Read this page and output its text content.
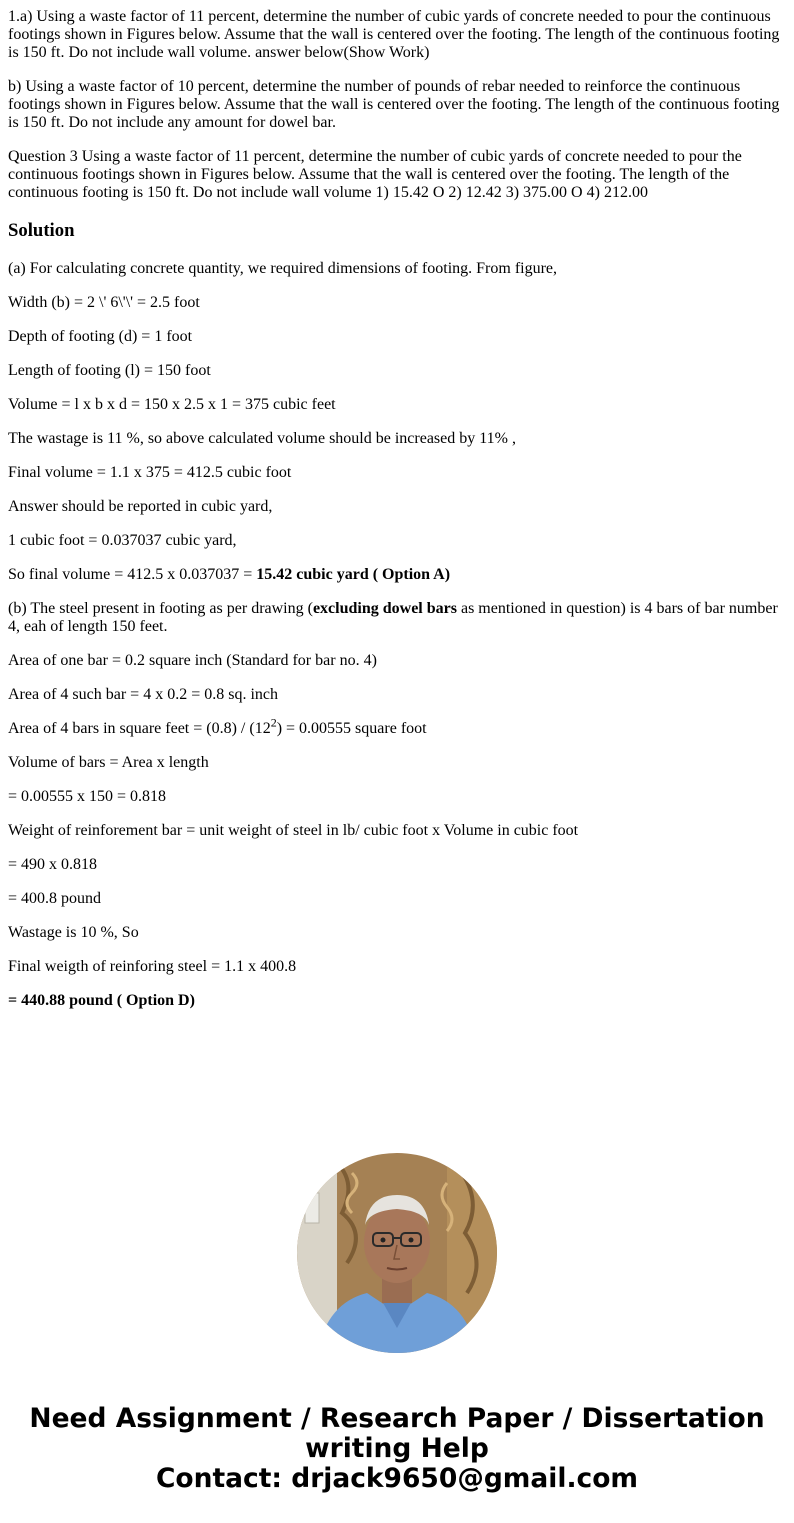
1.a) Using a waste factor of 11 percent, determine the number of cubic yards of concrete needed to pour the continuous footings shown in Figures below. Assume that the wall is centered over the footing. The length of the continuous footing is 150 ft. Do not include wall volume. answer below(Show Work)

b) Using a waste factor of 10 percent, determine the number of pounds of rebar needed to reinforce the continuous footings shown in Figures below. Assume that the wall is centered over the footing. The length of the continuous footing is 150 ft. Do not include any amount for dowel bar.

Question 3 Using a waste factor of 11 percent, determine the number of cubic yards of concrete needed to pour the continuous footings shown in Figures below. Assume that the wall is centered over the footing. The length of the continuous footing is 150 ft. Do not include wall volume 1) 15.42 O 2) 12.42 3) 375.00 O 4) 212.00

Solution

(a) For calculating concrete quantity, we required dimensions of footing. From figure,

Width (b) = 2 \' 6\'\' = 2.5 foot

Depth of footing (d) = 1 foot

Length of footing (l) = 150 foot

Volume = l x b x d = 150 x 2.5 x 1 = 375 cubic feet

The wastage is 11 %, so above calculated volume should be increased by 11% ,

Final volume = 1.1 x 375 = 412.5 cubic foot

Answer should be reported in cubic yard,

1 cubic foot = 0.037037 cubic yard,

So final volume = 412.5 x 0.037037 = 15.42 cubic yard ( Option A)

(b) The steel present in footing as per drawing (excluding dowel bars as mentioned in question) is 4 bars of bar number 4, eah of length 150 feet.

Area of one bar = 0.2 square inch (Standard for bar no. 4)

Area of 4 such bar = 4 x 0.2 = 0.8 sq. inch

Area of 4 bars in square feet = $(0.8) / (12^2) = 0.00555$ square foot

Volume of bars = Area x length

= 0.00555 x 150 = 0.818

Weight of reinforement bar = unit weight of steel in lb/ cubic foot x Volume in cubic foot

= 490 x 0.818

= 400.8 pound

Wastage is 10 %, So

Final weigth of reinforing steel = 1.1 x 400.8

= 440.88 pound ( Option D)

Need Assignment / Research Paper / Dissertation
writing Help
Contact: drjack9650@gmail.com
